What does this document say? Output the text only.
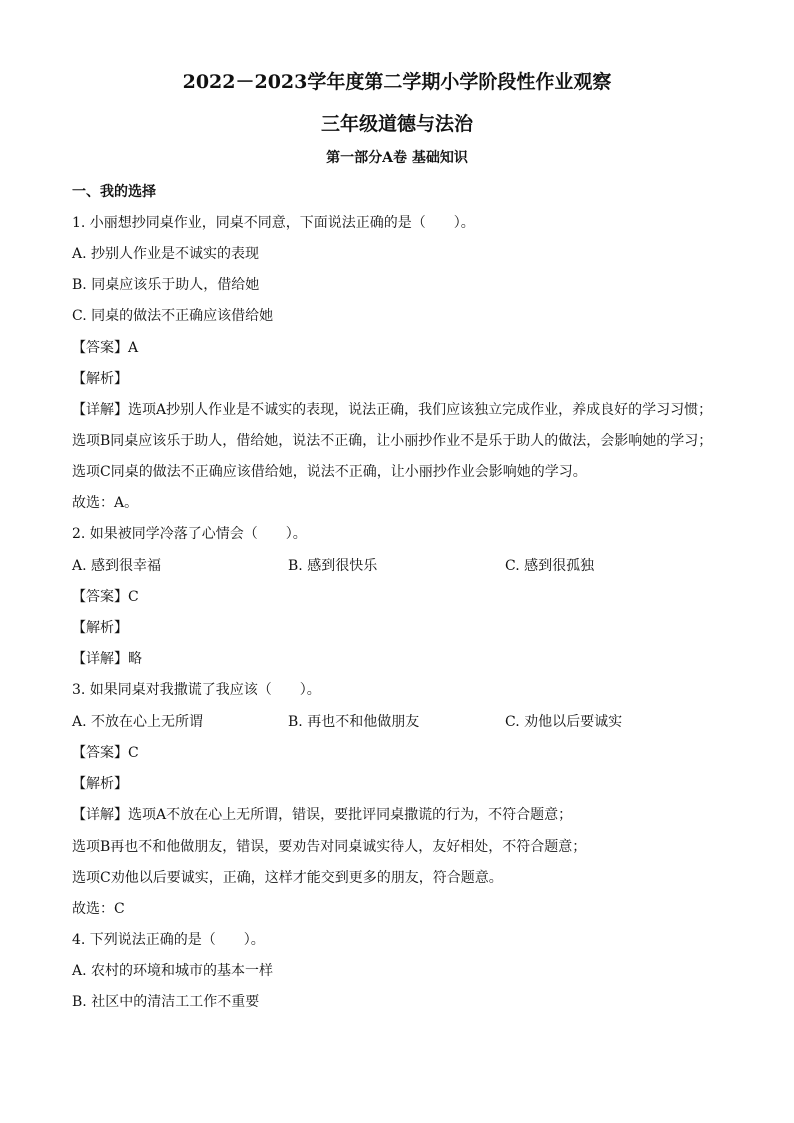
2022－2023学年度第二学期小学阶段性作业观察
三年级道德与法治
第一部分A卷 基础知识
一、我的选择
1. 小丽想抄同桌作业，同桌不同意，下面说法正确的是（　　）。
A. 抄别人作业是不诚实的表现
B. 同桌应该乐于助人，借给她
C. 同桌的做法不正确应该借给她
【答案】A
【解析】
【详解】选项A抄别人作业是不诚实的表现，说法正确，我们应该独立完成作业，养成良好的学习习惯；
选项B同桌应该乐于助人，借给她，说法不正确，让小丽抄作业不是乐于助人的做法，会影响她的学习；
选项C同桌的做法不正确应该借给她，说法不正确，让小丽抄作业会影响她的学习。
故选：A。
2. 如果被同学冷落了心情会（　　）。
A. 感到很幸福	B. 感到很快乐	C. 感到很孤独
【答案】C
【解析】
【详解】略
3. 如果同桌对我撒谎了我应该（　　）。
A. 不放在心上无所谓	B. 再也不和他做朋友	C. 劝他以后要诚实
【答案】C
【解析】
【详解】选项A不放在心上无所谓，错误，要批评同桌撒谎的行为，不符合题意；
选项B再也不和他做朋友，错误，要劝告对同桌诚实待人，友好相处，不符合题意；
选项C劝他以后要诚实，正确，这样才能交到更多的朋友，符合题意。
故选：C
4. 下列说法正确的是（　　）。
A. 农村的环境和城市的基本一样
B. 社区中的清洁工工作不重要
